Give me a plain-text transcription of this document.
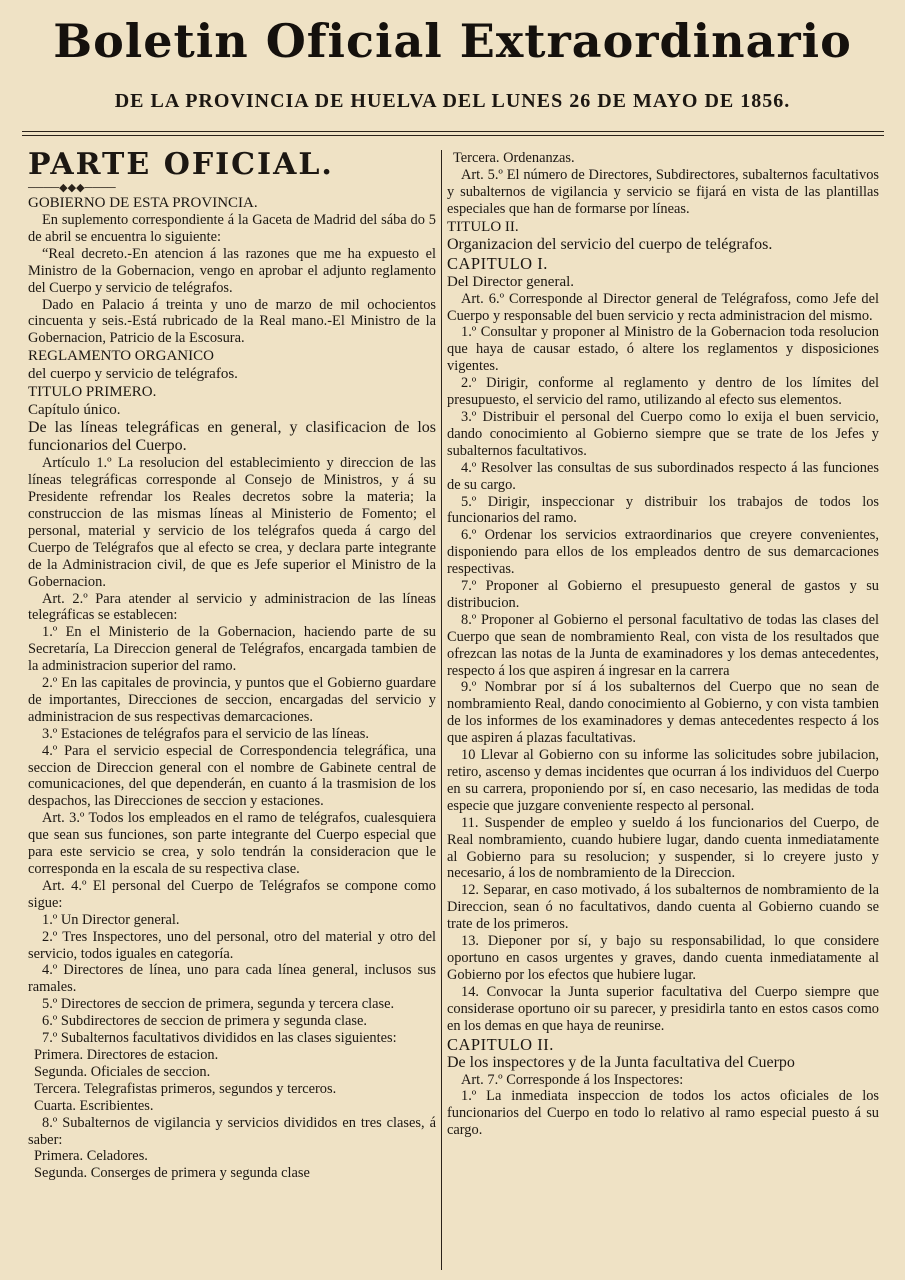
Boletin Oficial Extraordinario
DE LA PROVINCIA DE HUELVA DEL LUNES 26 DE MAYO DE 1856.

PARTE OFICIAL.

────◆◆◆────

GOBIERNO DE ESTA PROVINCIA.

En suplemento correspondiente á la Gaceta de Madrid del sába do 5 de abril se encuentra lo siguiente:

“Real decreto.-En atencion á las razones que me ha expuesto el Ministro de la Gobernacion, vengo en aprobar el adjunto reglamento del Cuerpo y servicio de telégrafos.

Dado en Palacio á treinta y uno de marzo de mil ochocientos cincuenta y seis.-Está rubricado de la Real mano.-El Ministro de la Gobernacion, Patricio de la Escosura.

REGLAMENTO ORGANICO

del cuerpo y servicio de telégrafos.

TITULO PRIMERO.

Capítulo único.

De las líneas telegráficas en general, y clasificacion de los funcionarios del Cuerpo.

Artículo 1.º La resolucion del establecimiento y direccion de las líneas telegráficas corresponde al Consejo de Ministros, y á su Presidente refrendar los Reales decretos sobre la materia; la construccion de las mismas líneas al Ministerio de Fomento; el personal, material y servicio de los telégrafos queda á cargo del Cuerpo de Telégrafos que al efecto se crea, y declara parte integrante de la Administracion civil, de que es Jefe superior el Ministro de la Gobernacion.

Art. 2.º Para atender al servicio y administracion de las líneas telegráficas se establecen:

1.º En el Ministerio de la Gobernacion, haciendo parte de su Secretaría, La Direccion general de Telégrafos, encargada tambien de la administracion superior del ramo.

2.º En las capitales de provincia, y puntos que el Gobierno guardare de importantes, Direcciones de seccion, encargadas del servicio y administracion de sus respectivas demarcaciones.

3.º Estaciones de telégrafos para el servicio de las líneas.

4.º Para el servicio especial de Correspondencia telegráfica, una seccion de Direccion general con el nombre de Gabinete central de comunicaciones, del que dependerán, en cuanto á la trasmision de los despachos, las Direcciones de seccion y estaciones.

Art. 3.º Todos los empleados en el ramo de telégrafos, cualesquiera que sean sus funciones, son parte integrante del Cuerpo especial que para este servicio se crea, y solo tendrán la consideracion que le corresponda en la escala de su respectiva clase.

Art. 4.º El personal del Cuerpo de Telégrafos se compone como sigue:

1.º Un Director general.

2.º Tres Inspectores, uno del personal, otro del material y otro del servicio, todos iguales en categoría.

4.º Directores de línea, uno para cada línea general, inclusos sus ramales.

5.º Directores de seccion de primera, segunda y tercera clase.

6.º Subdirectores de seccion de primera y segunda clase.

7.º Subalternos facultativos divididos en las clases siguientes:

Primera. Directores de estacion.

Segunda. Oficiales de seccion.

Tercera. Telegrafistas primeros, segundos y terceros.

Cuarta. Escribientes.

8.º Subalternos de vigilancia y servicios divididos en tres clases, á saber:

Primera. Celadores.

Segunda. Conserges de primera y segunda clase

Tercera. Ordenanzas.

Art. 5.º El número de Directores, Subdirectores, subalternos facultativos y subalternos de vigilancia y servicio se fijará en vista de las plantillas especiales que han de formarse por líneas.

TITULO II.

Organizacion del servicio del cuerpo de telégrafos.

CAPITULO I.

Del Director general.

Art. 6.º Corresponde al Director general de Telégrafoss, como Jefe del Cuerpo y responsable del buen servicio y recta administracion del mismo.

1.º Consultar y proponer al Ministro de la Gobernacion toda resolucion que haya de causar estado, ó altere los reglamentos y disposiciones vigentes.

2.º Dirigir, conforme al reglamento y dentro de los límites del presupuesto, el servicio del ramo, utilizando al efecto sus elementos.

3.º Distribuir el personal del Cuerpo como lo exija el buen servicio, dando conocimiento al Gobierno siempre que se trate de los Jefes y subalternos facultativos.

4.º Resolver las consultas de sus subordinados respecto á las funciones de su cargo.

5.º Dirigir, inspeccionar y distribuir los trabajos de todos los funcionarios del ramo.

6.º Ordenar los servicios extraordinarios que creyere convenientes, disponiendo para ellos de los empleados dentro de sus demarcaciones respectivas.

7.º Proponer al Gobierno el presupuesto general de gastos y su distribucion.

8.º Proponer al Gobierno el personal facultativo de todas las clases del Cuerpo que sean de nombramiento Real, con vista de los resultados que ofrezcan las notas de la Junta de examinadores y los demas antecedentes, respecto á los que aspiren á ingresar en la carrera

9.º Nombrar por sí á los subalternos del Cuerpo que no sean de nombramiento Real, dando conocimiento al Gobierno, y con vista tambien de los informes de los examinadores y demas antecedentes respecto á los que aspiren á plazas facultativas.

10 Llevar al Gobierno con su informe las solicitudes sobre jubilacion, retiro, ascenso y demas incidentes que ocurran á los individuos del Cuerpo en su carrera, proponiendo por sí, en caso necesario, las medidas de toda especie que juzgare conveniente respecto al personal.

11. Suspender de empleo y sueldo á los funcionarios del Cuerpo, de Real nombramiento, cuando hubiere lugar, dando cuenta inmediatamente al Gobierno para su resolucion; y suspender, si lo creyere justo y necesario, á los de nombramiento de la Direccion.

12. Separar, en caso motivado, á los subalternos de nombramiento de la Direccion, sean ó no facultativos, dando cuenta al Gobierno cuando se trate de los primeros.

13. Dieponer por sí, y bajo su responsabilidad, lo que considere oportuno en casos urgentes y graves, dando cuenta inmediatamente al Gobierno por los efectos que hubiere lugar.

14. Convocar la Junta superior facultativa del Cuerpo siempre que considerase oportuno oir su parecer, y presidirla tanto en estos casos como en los demas en que haya de reunirse.

CAPITULO II.

De los inspectores y de la Junta facultativa del Cuerpo

Art. 7.º Corresponde á los Inspectores:

1.º La inmediata inspeccion de todos los actos oficiales de los funcionarios del Cuerpo en todo lo relativo al ramo especial puesto á su cargo.
